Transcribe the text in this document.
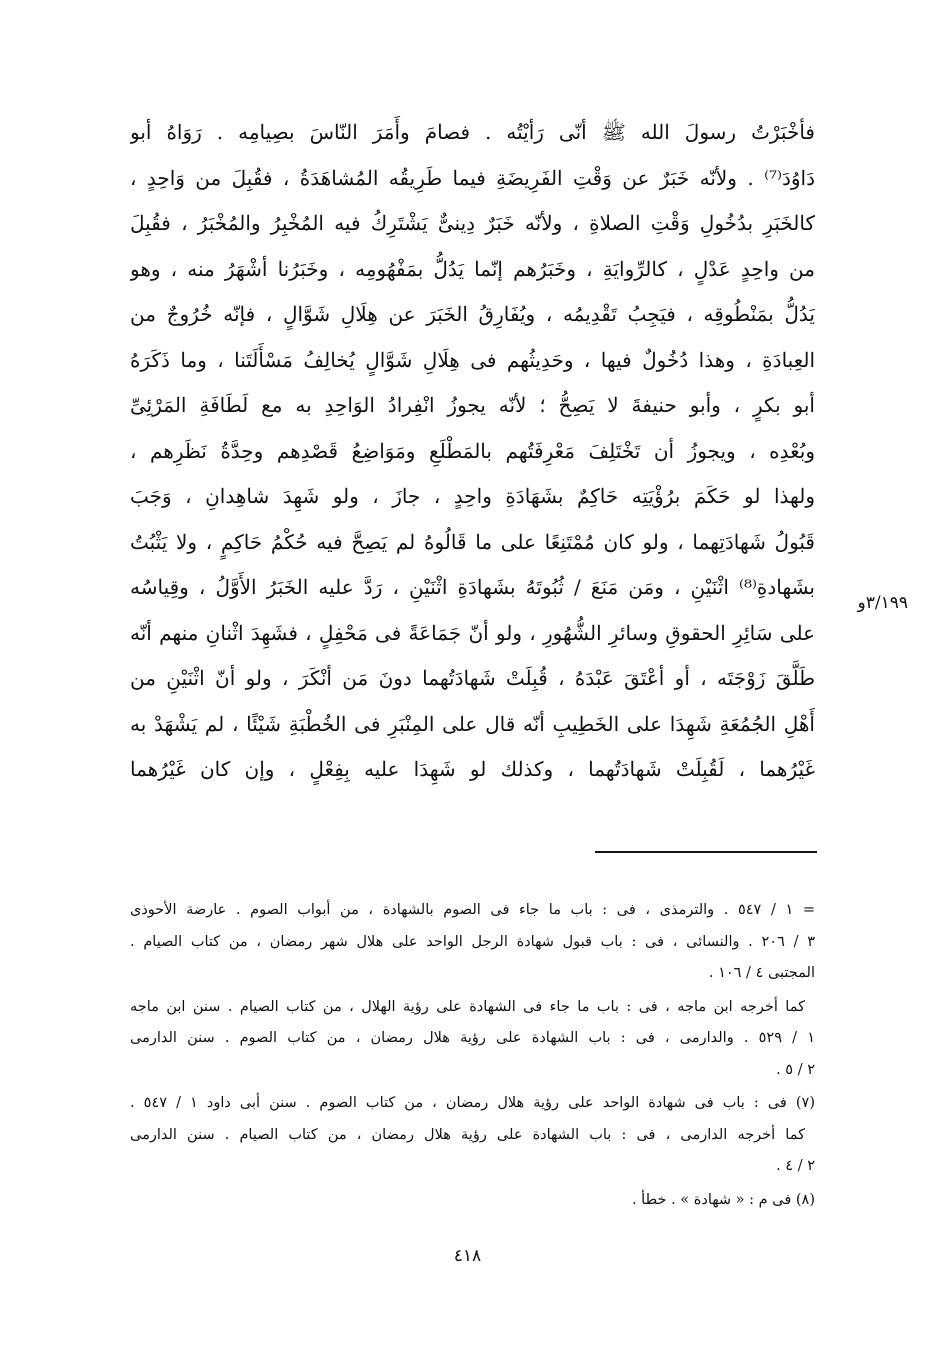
فأخْبَرْتُ رسولَ الله ﷺ أنّى رَأيْتُه . فصامَ وأَمَرَ النّاسَ بصِيامِه . رَوَاهُ أبو
دَاوُدَ⁽⁷⁾ . ولأنّه خَبَرٌ عن وَقْتِ الفَرِيضَةِ فيما طَرِيقُه المُشاهَدَةُ ، فقُبِلَ من وَاحِدٍ ،
كالخَبَرِ بدُخُولِ وَقْتِ الصلاةِ ، ولأنّه خَبَرٌ دِينىٌّ يَشْتَرِكُ فيه المُخْبِرُ والمُخْبَرُ ، فقُبِلَ
من واحِدٍ عَدْلٍ ، كالرِّوايَةِ ، وخَبَرُهم إنّما يَدُلُّ بمَفْهُومِه ، وخَبَرُنا أشْهَرُ منه ، وهو
يَدُلُّ بمَنْطُوقِه ، فيَجِبُ تَقْدِيمُه ، ويُفَارِقُ الخَبَرَ عن هِلَالِ شَوَّالٍ ، فإنّه خُرُوجٌ من
العِبادَةِ ، وهذا دُخُولٌ فيها ، وحَدِيثُهم فى هِلَالِ شَوَّالٍ يُخالِفُ مَسْأَلَتَنا ، وما ذَكَرَهُ
أبو بكرٍ ، وأبو حنيفةَ لا يَصِحُّ ؛ لأنّه يجوزُ انْفِرادُ الوَاحِدِ به مع لَطَافَةِ المَرْئِىِّ
وبُعْدِه ، ويجوزُ أن تَخْتَلِفَ مَعْرِفَتُهم بالمَطْلَعِ ومَوَاضِعُ قَصْدِهم وحِدَّةُ نَظَرِهم ،
ولهذا لو حَكَمَ برُؤْيَتِه حَاكِمٌ بشَهَادَةِ واحِدٍ ، جازَ ، ولو شَهِدَ شاهِدانِ ، وَجَبَ
قَبُولُ شَهادَتِهما ، ولو كان مُمْتَنِعًا على ما قَالُوهُ لم يَصِحَّ فيه حُكْمُ حَاكِمٍ ، ولا يَثْبُتُ
بشَهادةِ⁽⁸⁾ اثْنَيْنِ ، ومَن مَنَعَ / ثُبُوتَهُ بشَهادَةِ اثْنَيْنِ ، رَدَّ عليه الخَبَرُ الأَوَّلُ ، وقِياسُه
على سَائِرِ الحقوقِ وسائرِ الشُّهُورِ ، ولو أنّ جَمَاعَةً فى مَحْفِلٍ ، فشَهِدَ اثْنانِ منهم أنّه
طَلَّقَ زَوْجَتَه ، أو أعْتَقَ عَبْدَهُ ، قُبِلَتْ شَهادَتُهما دونَ مَن أنْكَرَ ، ولو أنّ اثْنَيْنِ من
أَهْلِ الجُمُعَةِ شَهِدَا على الخَطِيبِ أنّه قال على المِنْبَرِ فى الخُطْبَةِ شَيْئًا ، لم يَشْهَدْ به
غَيْرُهما ، لَقُبِلَتْ شَهادَتُهما ، وكذلك لو شَهِدَا عليه بِفِعْلٍ ، وإن كان غَيْرُهما
٣/١٩٩و
= ١ / ٥٤٧ . والترمذى ، فى : باب ما جاء فى الصوم بالشهادة ، من أبواب الصوم . عارضة الأحوذى
٣ / ٢٠٦ . والنسائى ، فى : باب قبول شهادة الرجل الواحد على هلال شهر رمضان ، من كتاب الصيام .
المجتبى ٤ / ١٠٦ .
كما أخرجه ابن ماجه ، فى : باب ما جاء فى الشهادة على رؤية الهلال ، من كتاب الصيام . سنن ابن ماجه
١ / ٥٢٩ . والدارمى ، فى : باب الشهادة على رؤية هلال رمضان ، من كتاب الصوم . سنن الدارمى
٢ / ٥ .
(٧) فى : باب فى شهادة الواحد على رؤية هلال رمضان ، من كتاب الصوم . سنن أبى داود ١ / ٥٤٧ .
كما أخرجه الدارمى ، فى : باب الشهادة على رؤية هلال رمضان ، من كتاب الصيام . سنن الدارمى
٢ / ٤ .
(٨) فى م : « شهادة » . خطأ .
٤١٨
